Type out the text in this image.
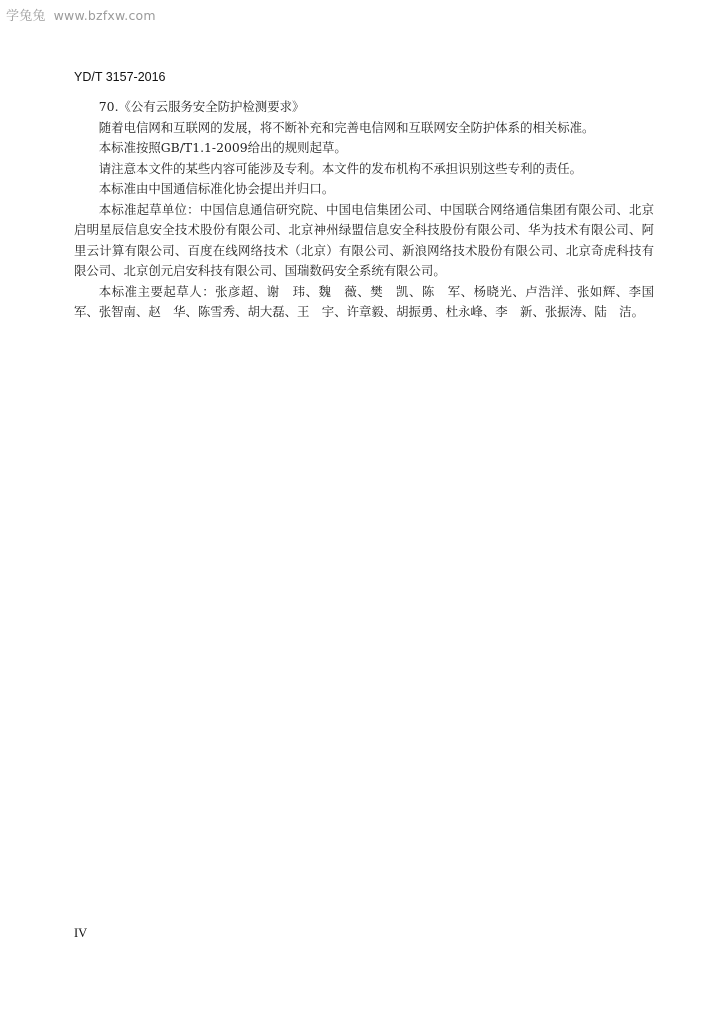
学兔兔 www.bzfxw.com
YD/T 3157-2016

70.《公有云服务安全防护检测要求》

随着电信网和互联网的发展，将不断补充和完善电信网和互联网安全防护体系的相关标准。

本标准按照GB/T1.1-2009给出的规则起草。

请注意本文件的某些内容可能涉及专利。本文件的发布机构不承担识别这些专利的责任。

本标准由中国通信标准化协会提出并归口。

本标准起草单位：中国信息通信研究院、中国电信集团公司、中国联合网络通信集团有限公司、北京启明星辰信息安全技术股份有限公司、北京神州绿盟信息安全科技股份有限公司、华为技术有限公司、阿里云计算有限公司、百度在线网络技术（北京）有限公司、新浪网络技术股份有限公司、北京奇虎科技有限公司、北京创元启安科技有限公司、国瑞数码安全系统有限公司。

本标准主要起草人：张彦超、谢　玮、魏　薇、樊　凯、陈　军、杨晓光、卢浩洋、张如辉、李国军、张智南、赵　华、陈雪秀、胡大磊、王　宇、许章毅、胡振勇、杜永峰、李　新、张振涛、陆　洁。

IV
